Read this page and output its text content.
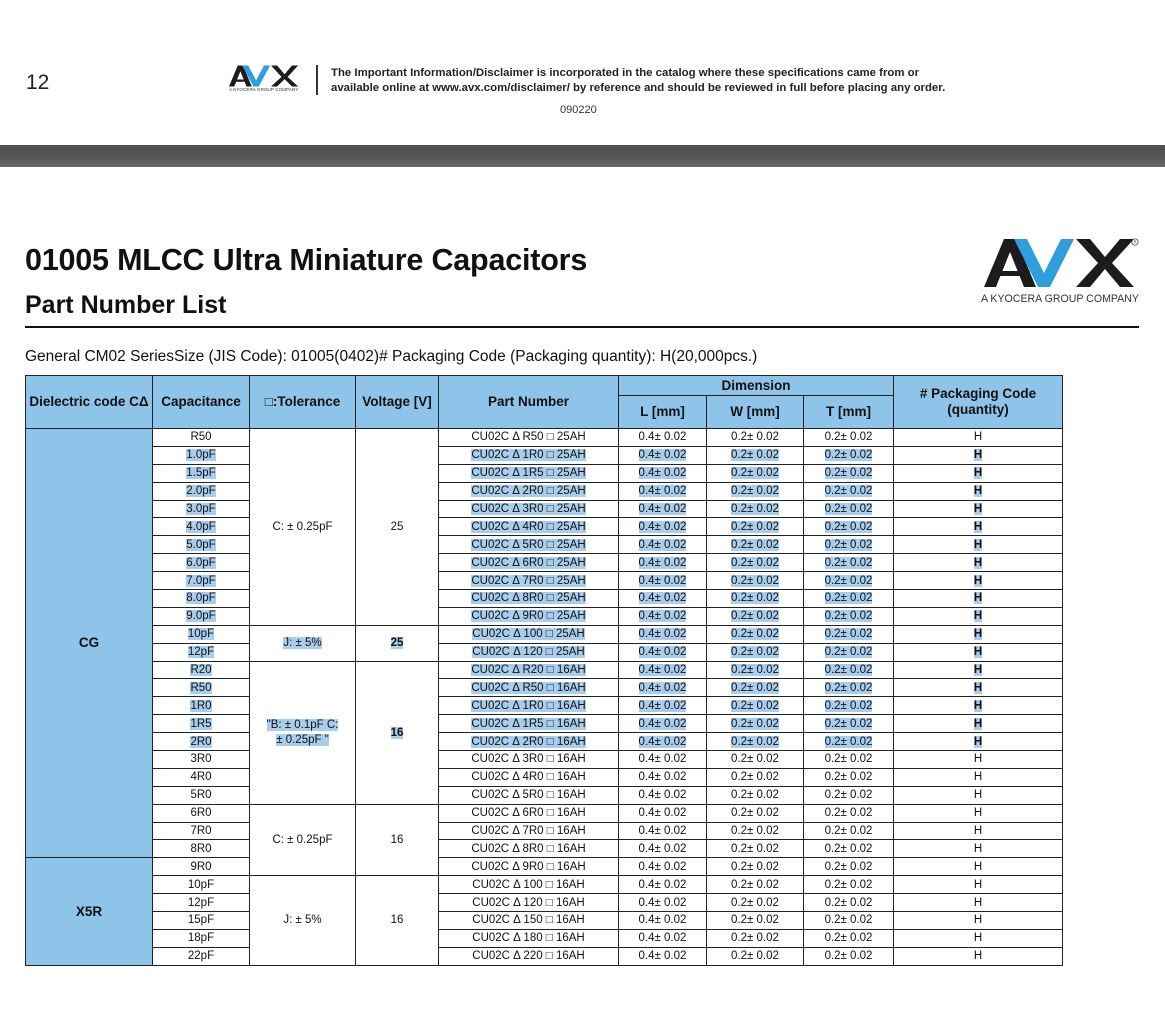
12	A KYOCERA GROUP COMPANY
The Important Information/Disclaimer is incorporated in the catalog where these specifications came from or
available online at www.avx.com/disclaimer/ by reference and should be reviewed in full before placing any order.
090220
01005 MLCC Ultra Miniature Capacitors
Part Number List
R
A KYOCERA GROUP COMPANY
General CM02 SeriesSize (JIS Code): 01005(0402)# Packaging Code (Packaging quantity): H(20,000pcs.)
Dielectric code CΔ	Capacitance	□:Tolerance	Voltage [V]	Part Number	Dimension			# Packaging Code (quantity)
					L [mm]	W [mm]	T [mm]	
CG	R50	C: ± 0.25pF	25	CU02C Δ R50 □ 25AH	0.4± 0.02	0.2± 0.02	0.2± 0.02	H
	1.0pF			CU02C Δ 1R0 □ 25AH	0.4± 0.02	0.2± 0.02	0.2± 0.02	H
	1.5pF			CU02C Δ 1R5 □ 25AH	0.4± 0.02	0.2± 0.02	0.2± 0.02	H
	2.0pF			CU02C Δ 2R0 □ 25AH	0.4± 0.02	0.2± 0.02	0.2± 0.02	H
	3.0pF			CU02C Δ 3R0 □ 25AH	0.4± 0.02	0.2± 0.02	0.2± 0.02	H
	4.0pF			CU02C Δ 4R0 □ 25AH	0.4± 0.02	0.2± 0.02	0.2± 0.02	H
	5.0pF			CU02C Δ 5R0 □ 25AH	0.4± 0.02	0.2± 0.02	0.2± 0.02	H
	6.0pF			CU02C Δ 6R0 □ 25AH	0.4± 0.02	0.2± 0.02	0.2± 0.02	H
	7.0pF			CU02C Δ 7R0 □ 25AH	0.4± 0.02	0.2± 0.02	0.2± 0.02	H
	8.0pF			CU02C Δ 8R0 □ 25AH	0.4± 0.02	0.2± 0.02	0.2± 0.02	H
	9.0pF			CU02C Δ 9R0 □ 25AH	0.4± 0.02	0.2± 0.02	0.2± 0.02	H
	10pF	J: ± 5%	25	CU02C Δ 100 □ 25AH	0.4± 0.02	0.2± 0.02	0.2± 0.02	H
	12pF			CU02C Δ 120 □ 25AH	0.4± 0.02	0.2± 0.02	0.2± 0.02	H
	R20	"B: ± 0.1pF C: ± 0.25pF "	16	CU02C Δ R20 □ 16AH	0.4± 0.02	0.2± 0.02	0.2± 0.02	H
	R50			CU02C Δ R50 □ 16AH	0.4± 0.02	0.2± 0.02	0.2± 0.02	H
	1R0			CU02C Δ 1R0 □ 16AH	0.4± 0.02	0.2± 0.02	0.2± 0.02	H
	1R5			CU02C Δ 1R5 □ 16AH	0.4± 0.02	0.2± 0.02	0.2± 0.02	H
	2R0			CU02C Δ 2R0 □ 16AH	0.4± 0.02	0.2± 0.02	0.2± 0.02	H
	3R0			CU02C Δ 3R0 □ 16AH	0.4± 0.02	0.2± 0.02	0.2± 0.02	H
	4R0			CU02C Δ 4R0 □ 16AH	0.4± 0.02	0.2± 0.02	0.2± 0.02	H
	5R0			CU02C Δ 5R0 □ 16AH	0.4± 0.02	0.2± 0.02	0.2± 0.02	H
	6R0	C: ± 0.25pF	16	CU02C Δ 6R0 □ 16AH	0.4± 0.02	0.2± 0.02	0.2± 0.02	H
	7R0			CU02C Δ 7R0 □ 16AH	0.4± 0.02	0.2± 0.02	0.2± 0.02	H
	8R0			CU02C Δ 8R0 □ 16AH	0.4± 0.02	0.2± 0.02	0.2± 0.02	H
X5R	9R0			CU02C Δ 9R0 □ 16AH	0.4± 0.02	0.2± 0.02	0.2± 0.02	H
	10pF	J: ± 5%	16	CU02C Δ 100 □ 16AH	0.4± 0.02	0.2± 0.02	0.2± 0.02	H
	12pF			CU02C Δ 120 □ 16AH	0.4± 0.02	0.2± 0.02	0.2± 0.02	H
	15pF			CU02C Δ 150 □ 16AH	0.4± 0.02	0.2± 0.02	0.2± 0.02	H
	18pF			CU02C Δ 180 □ 16AH	0.4± 0.02	0.2± 0.02	0.2± 0.02	H
	22pF			CU02C Δ 220 □ 16AH	0.4± 0.02	0.2± 0.02	0.2± 0.02	H
